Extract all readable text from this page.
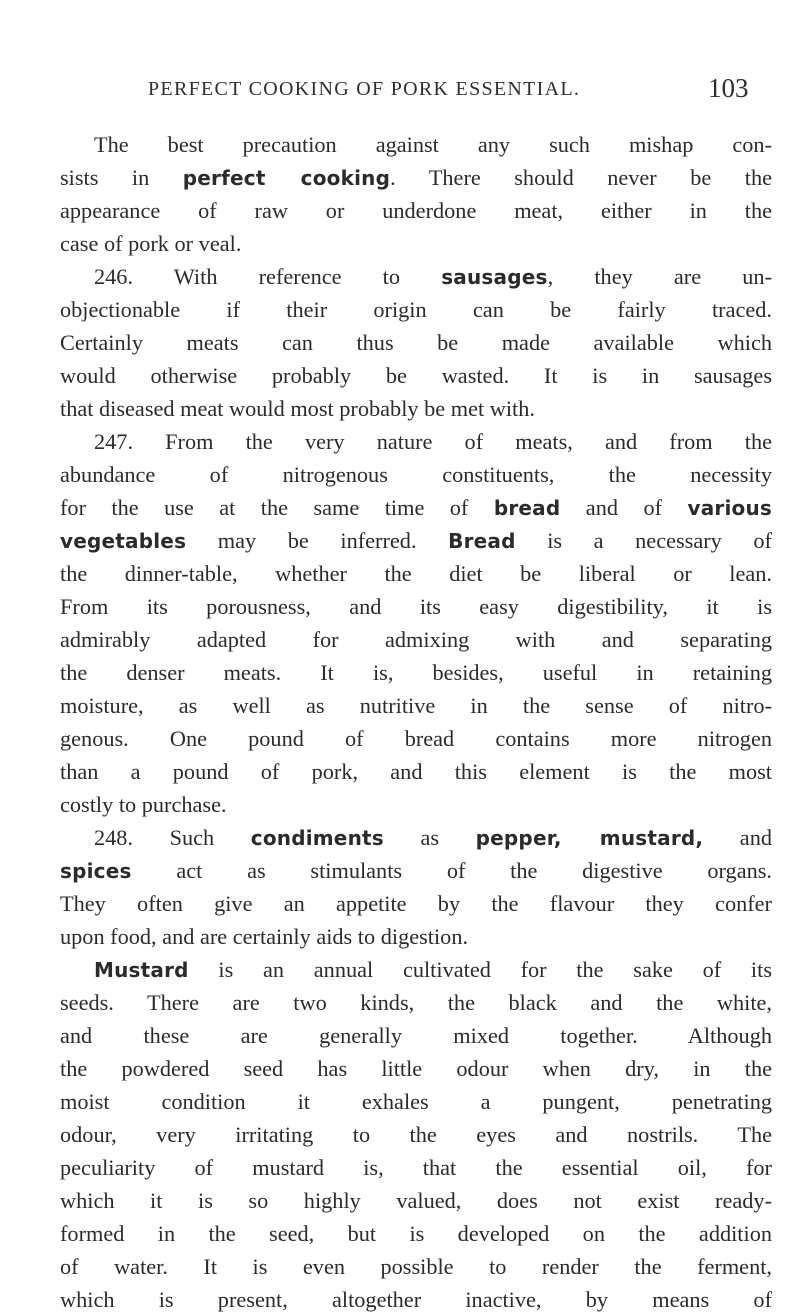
PERFECT COOKING OF PORK ESSENTIAL.	103
The best precaution against any such mishap con-
sists in perfect cooking. There should never be the
appearance of raw or underdone meat, either in the
case of pork or veal.
246. With reference to sausages, they are un-
objectionable if their origin can be fairly traced.
Certainly meats can thus be made available which
would otherwise probably be wasted. It is in sausages
that diseased meat would most probably be met with.
247. From the very nature of meats, and from the
abundance of nitrogenous constituents, the necessity
for the use at the same time of bread and of various
vegetables may be inferred. Bread is a necessary of
the dinner-table, whether the diet be liberal or lean.
From its porousness, and its easy digestibility, it is
admirably adapted for admixing with and separating
the denser meats. It is, besides, useful in retaining
moisture, as well as nutritive in the sense of nitro-
genous. One pound of bread contains more nitrogen
than a pound of pork, and this element is the most
costly to purchase.
248. Such condiments as pepper, mustard, and
spices act as stimulants of the digestive organs.
They often give an appetite by the flavour they confer
upon food, and are certainly aids to digestion.
Mustard is an annual cultivated for the sake of its
seeds. There are two kinds, the black and the white,
and these are generally mixed together. Although
the powdered seed has little odour when dry, in the
moist condition it exhales a pungent, penetrating
odour, very irritating to the eyes and nostrils. The
peculiarity of mustard is, that the essential oil, for
which it is so highly valued, does not exist ready-
formed in the seed, but is developed on the addition
of water. It is even possible to render the ferment,
which is present, altogether inactive, by means of
